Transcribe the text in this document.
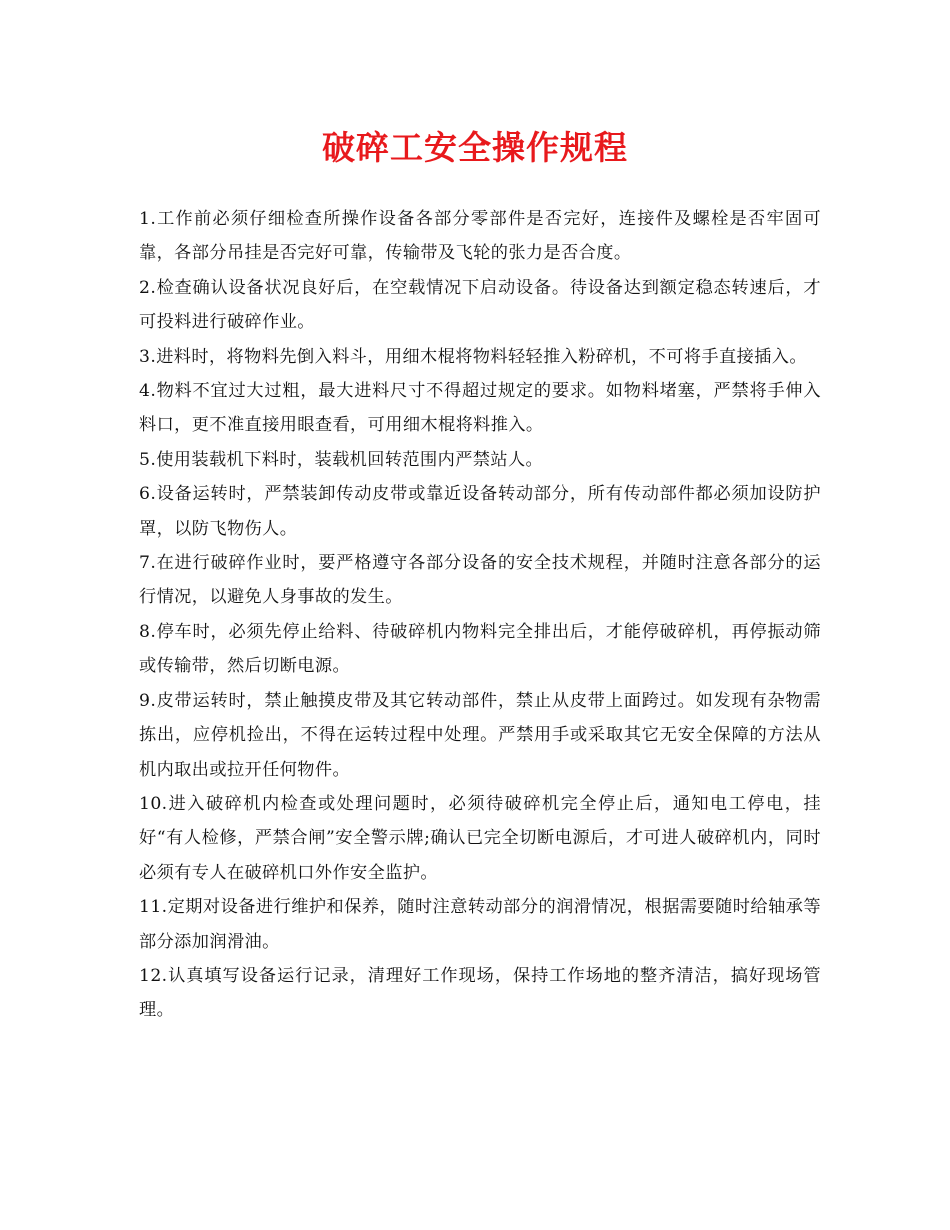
破碎工安全操作规程

1.工作前必须仔细检查所操作设备各部分零部件是否完好，连接件及螺栓是否牢固可靠，各部分吊挂是否完好可靠，传输带及飞轮的张力是否合度。

2.检查确认设备状况良好后，在空载情况下启动设备。待设备达到额定稳态转速后，才可投料进行破碎作业。

3.进料时，将物料先倒入料斗，用细木棍将物料轻轻推入粉碎机，不可将手直接插入。

4.物料不宜过大过粗，最大进料尺寸不得超过规定的要求。如物料堵塞，严禁将手伸入料口，更不准直接用眼查看，可用细木棍将料推入。

5.使用装载机下料时，装载机回转范围内严禁站人。

6.设备运转时，严禁装卸传动皮带或靠近设备转动部分，所有传动部件都必须加设防护罩，以防飞物伤人。

7.在进行破碎作业时，要严格遵守各部分设备的安全技术规程，并随时注意各部分的运行情况，以避免人身事故的发生。

8.停车时，必须先停止给料、待破碎机内物料完全排出后，才能停破碎机，再停振动筛或传输带，然后切断电源。

9.皮带运转时，禁止触摸皮带及其它转动部件，禁止从皮带上面跨过。如发现有杂物需拣出，应停机捡出，不得在运转过程中处理。严禁用手或采取其它无安全保障的方法从机内取出或拉开任何物件。

10.进入破碎机内检查或处理问题时，必须待破碎机完全停止后，通知电工停电，挂好“有人检修，严禁合闸”安全警示牌;确认已完全切断电源后，才可进人破碎机内，同时必须有专人在破碎机口外作安全监护。

11.定期对设备进行维护和保养，随时注意转动部分的润滑情况，根据需要随时给轴承等部分添加润滑油。

12.认真填写设备运行记录，清理好工作现场，保持工作场地的整齐清洁，搞好现场管理。
